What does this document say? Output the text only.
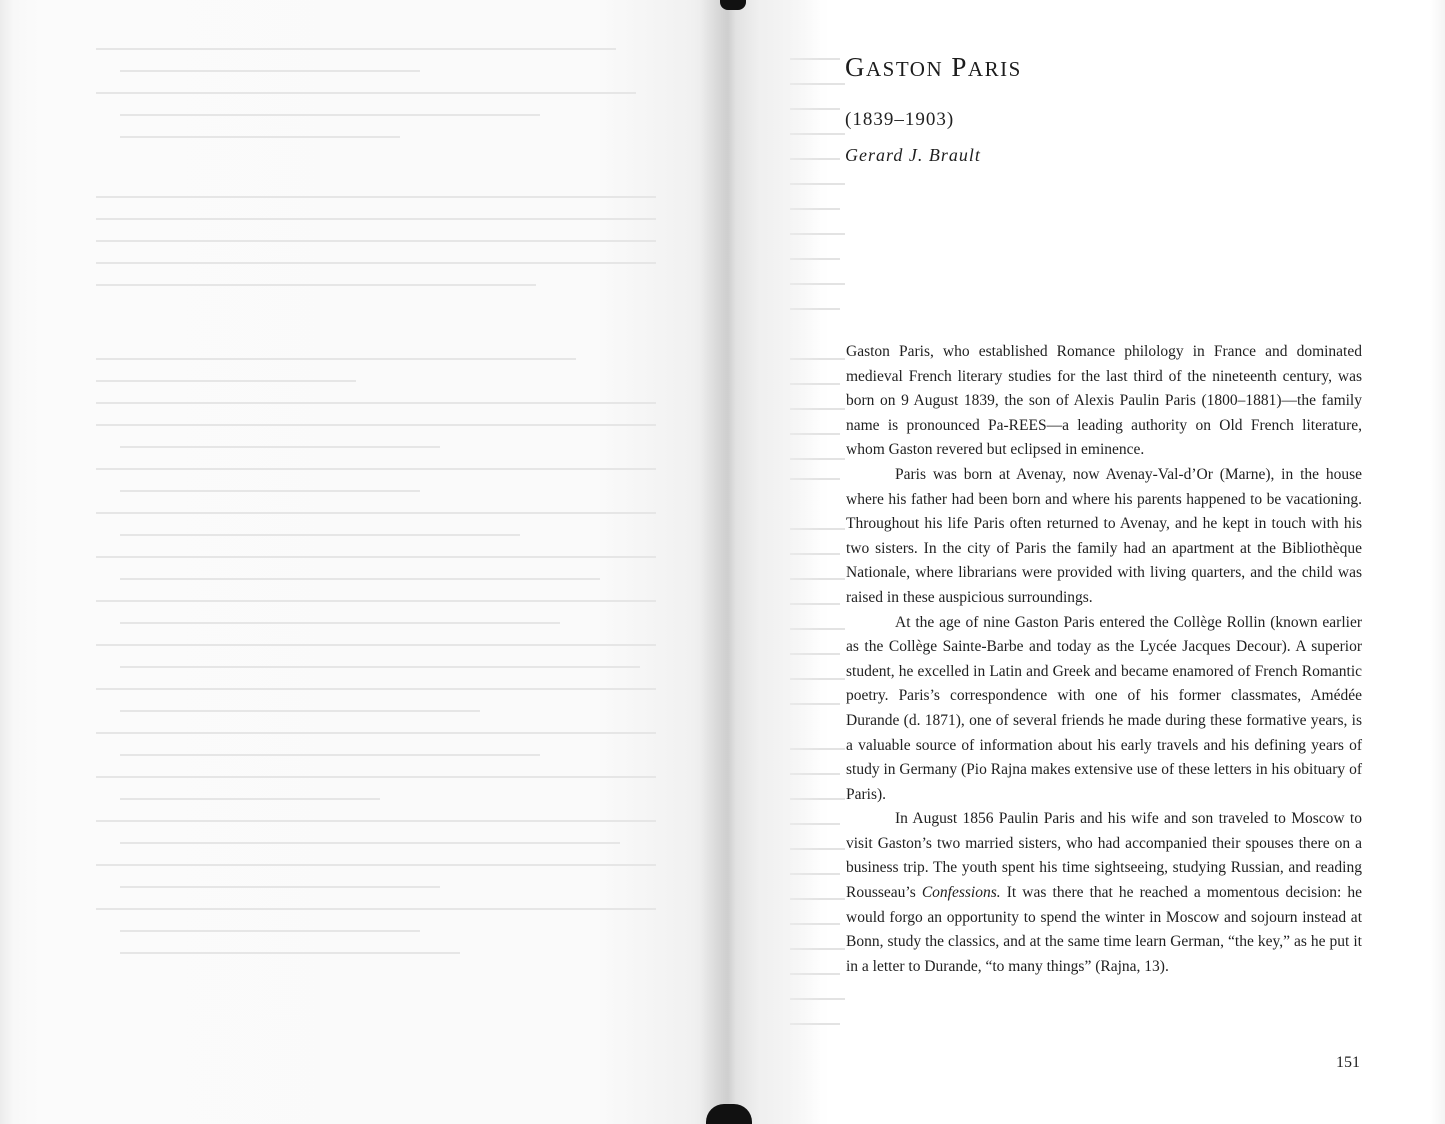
GASTON PARIS
(1839–1903)
Gerard J. Brault

Gaston Paris, who established Romance philology in France and dominated medieval French literary studies for the last third of the nineteenth century, was born on 9 August 1839, the son of Alexis Paulin Paris (1800–1881)—the family name is pronounced Pa-REES—a leading authority on Old French literature, whom Gaston revered but eclipsed in eminence.

Paris was born at Avenay, now Avenay-Val-d’Or (Marne), in the house where his father had been born and where his parents happened to be vacationing. Throughout his life Paris often returned to Avenay, and he kept in touch with his two sisters. In the city of Paris the family had an apartment at the Bibliothèque Nationale, where librarians were provided with living quarters, and the child was raised in these auspicious surroundings.

At the age of nine Gaston Paris entered the Collège Rollin (known earlier as the Collège Sainte-Barbe and today as the Lycée Jacques Decour). A superior student, he excelled in Latin and Greek and became enamored of French Romantic poetry. Paris’s correspondence with one of his former classmates, Amédée Durande (d. 1871), one of several friends he made during these formative years, is a valuable source of information about his early travels and his defining years of study in Germany (Pio Rajna makes extensive use of these letters in his obituary of Paris).

In August 1856 Paulin Paris and his wife and son traveled to Moscow to visit Gaston’s two married sisters, who had accompanied their spouses there on a business trip. The youth spent his time sightseeing, studying Russian, and reading Rousseau’s Confessions. It was there that he reached a momentous decision: he would forgo an opportunity to spend the winter in Moscow and sojourn instead at Bonn, study the classics, and at the same time learn German, “the key,” as he put it in a letter to Durande, “to many things” (Rajna, 13).

151
